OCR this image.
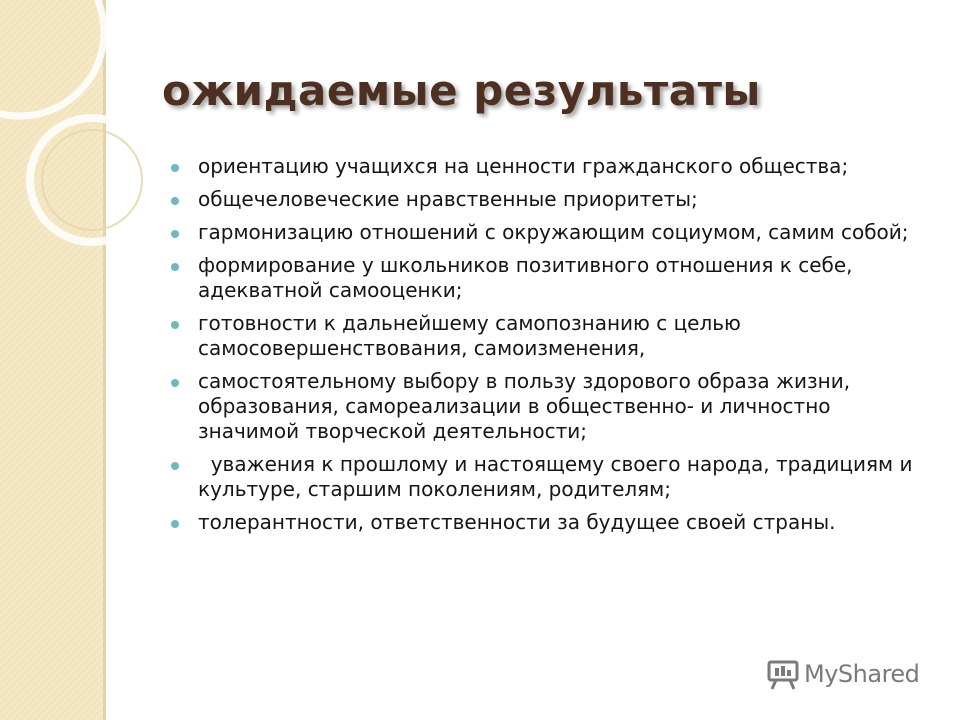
ожидаемые результаты
ориентацию учащихся на ценности гражданского общества;
общечеловеческие нравственные приоритеты;
гармонизацию отношений с окружающим социумом, самим собой;
формирование у школьников позитивного отношения к себе, адекватной самооценки;
готовности к дальнейшему самопознанию с целью самосовершенствования, самоизменения,
самостоятельному выбору в пользу здорового образа жизни, образования, самореализации в общественно- и личностно значимой творческой деятельности;
уважения к прошлому и настоящему своего народа, традициям и культуре, старшим поколениям, родителям;
толерантности, ответственности за будущее своей страны.
MyShared
